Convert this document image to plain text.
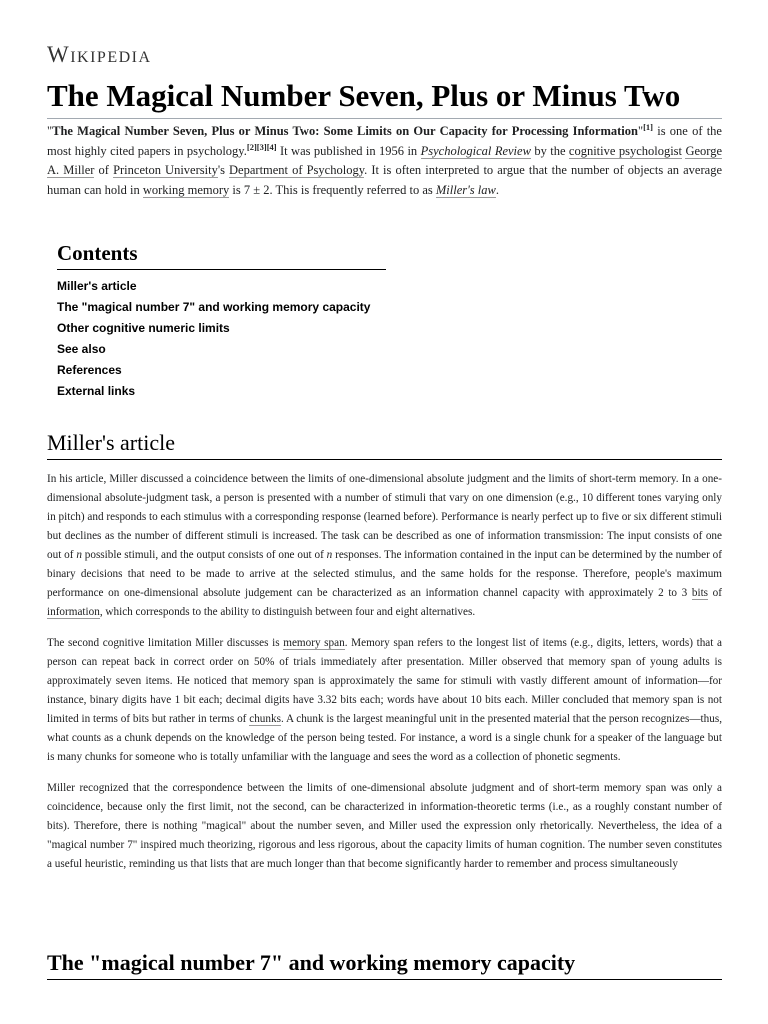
Wikipedia
The Magical Number Seven, Plus or Minus Two

"The Magical Number Seven, Plus or Minus Two: Some Limits on Our Capacity for Processing Information"[1] is one of the most highly cited papers in psychology.[2][3][4] It was published in 1956 in Psychological Review by the cognitive psychologist George A. Miller of Princeton University's Department of Psychology. It is often interpreted to argue that the number of objects an average human can hold in working memory is 7 ± 2. This is frequently referred to as Miller's law.

Contents
Miller's article
The "magical number 7" and working memory capacity
Other cognitive numeric limits
See also
References
External links
Miller's article

In his article, Miller discussed a coincidence between the limits of one-dimensional absolute judgment and the limits of short-term memory. In a one-dimensional absolute-judgment task, a person is presented with a number of stimuli that vary on one dimension (e.g., 10 different tones varying only in pitch) and responds to each stimulus with a corresponding response (learned before). Performance is nearly perfect up to five or six different stimuli but declines as the number of different stimuli is increased. The task can be described as one of information transmission: The input consists of one out of n possible stimuli, and the output consists of one out of n responses. The information contained in the input can be determined by the number of binary decisions that need to be made to arrive at the selected stimulus, and the same holds for the response. Therefore, people's maximum performance on one-dimensional absolute judgement can be characterized as an information channel capacity with approximately 2 to 3 bits of information, which corresponds to the ability to distinguish between four and eight alternatives.

The second cognitive limitation Miller discusses is memory span. Memory span refers to the longest list of items (e.g., digits, letters, words) that a person can repeat back in correct order on 50% of trials immediately after presentation. Miller observed that memory span of young adults is approximately seven items. He noticed that memory span is approximately the same for stimuli with vastly different amount of information—for instance, binary digits have 1 bit each; decimal digits have 3.32 bits each; words have about 10 bits each. Miller concluded that memory span is not limited in terms of bits but rather in terms of chunks. A chunk is the largest meaningful unit in the presented material that the person recognizes—thus, what counts as a chunk depends on the knowledge of the person being tested. For instance, a word is a single chunk for a speaker of the language but is many chunks for someone who is totally unfamiliar with the language and sees the word as a collection of phonetic segments.

Miller recognized that the correspondence between the limits of one-dimensional absolute judgment and of short-term memory span was only a coincidence, because only the first limit, not the second, can be characterized in information-theoretic terms (i.e., as a roughly constant number of bits). Therefore, there is nothing "magical" about the number seven, and Miller used the expression only rhetorically. Nevertheless, the idea of a "magical number 7" inspired much theorizing, rigorous and less rigorous, about the capacity limits of human cognition. The number seven constitutes a useful heuristic, reminding us that lists that are much longer than that become significantly harder to remember and process simultaneously

The "magical number 7" and working memory capacity
